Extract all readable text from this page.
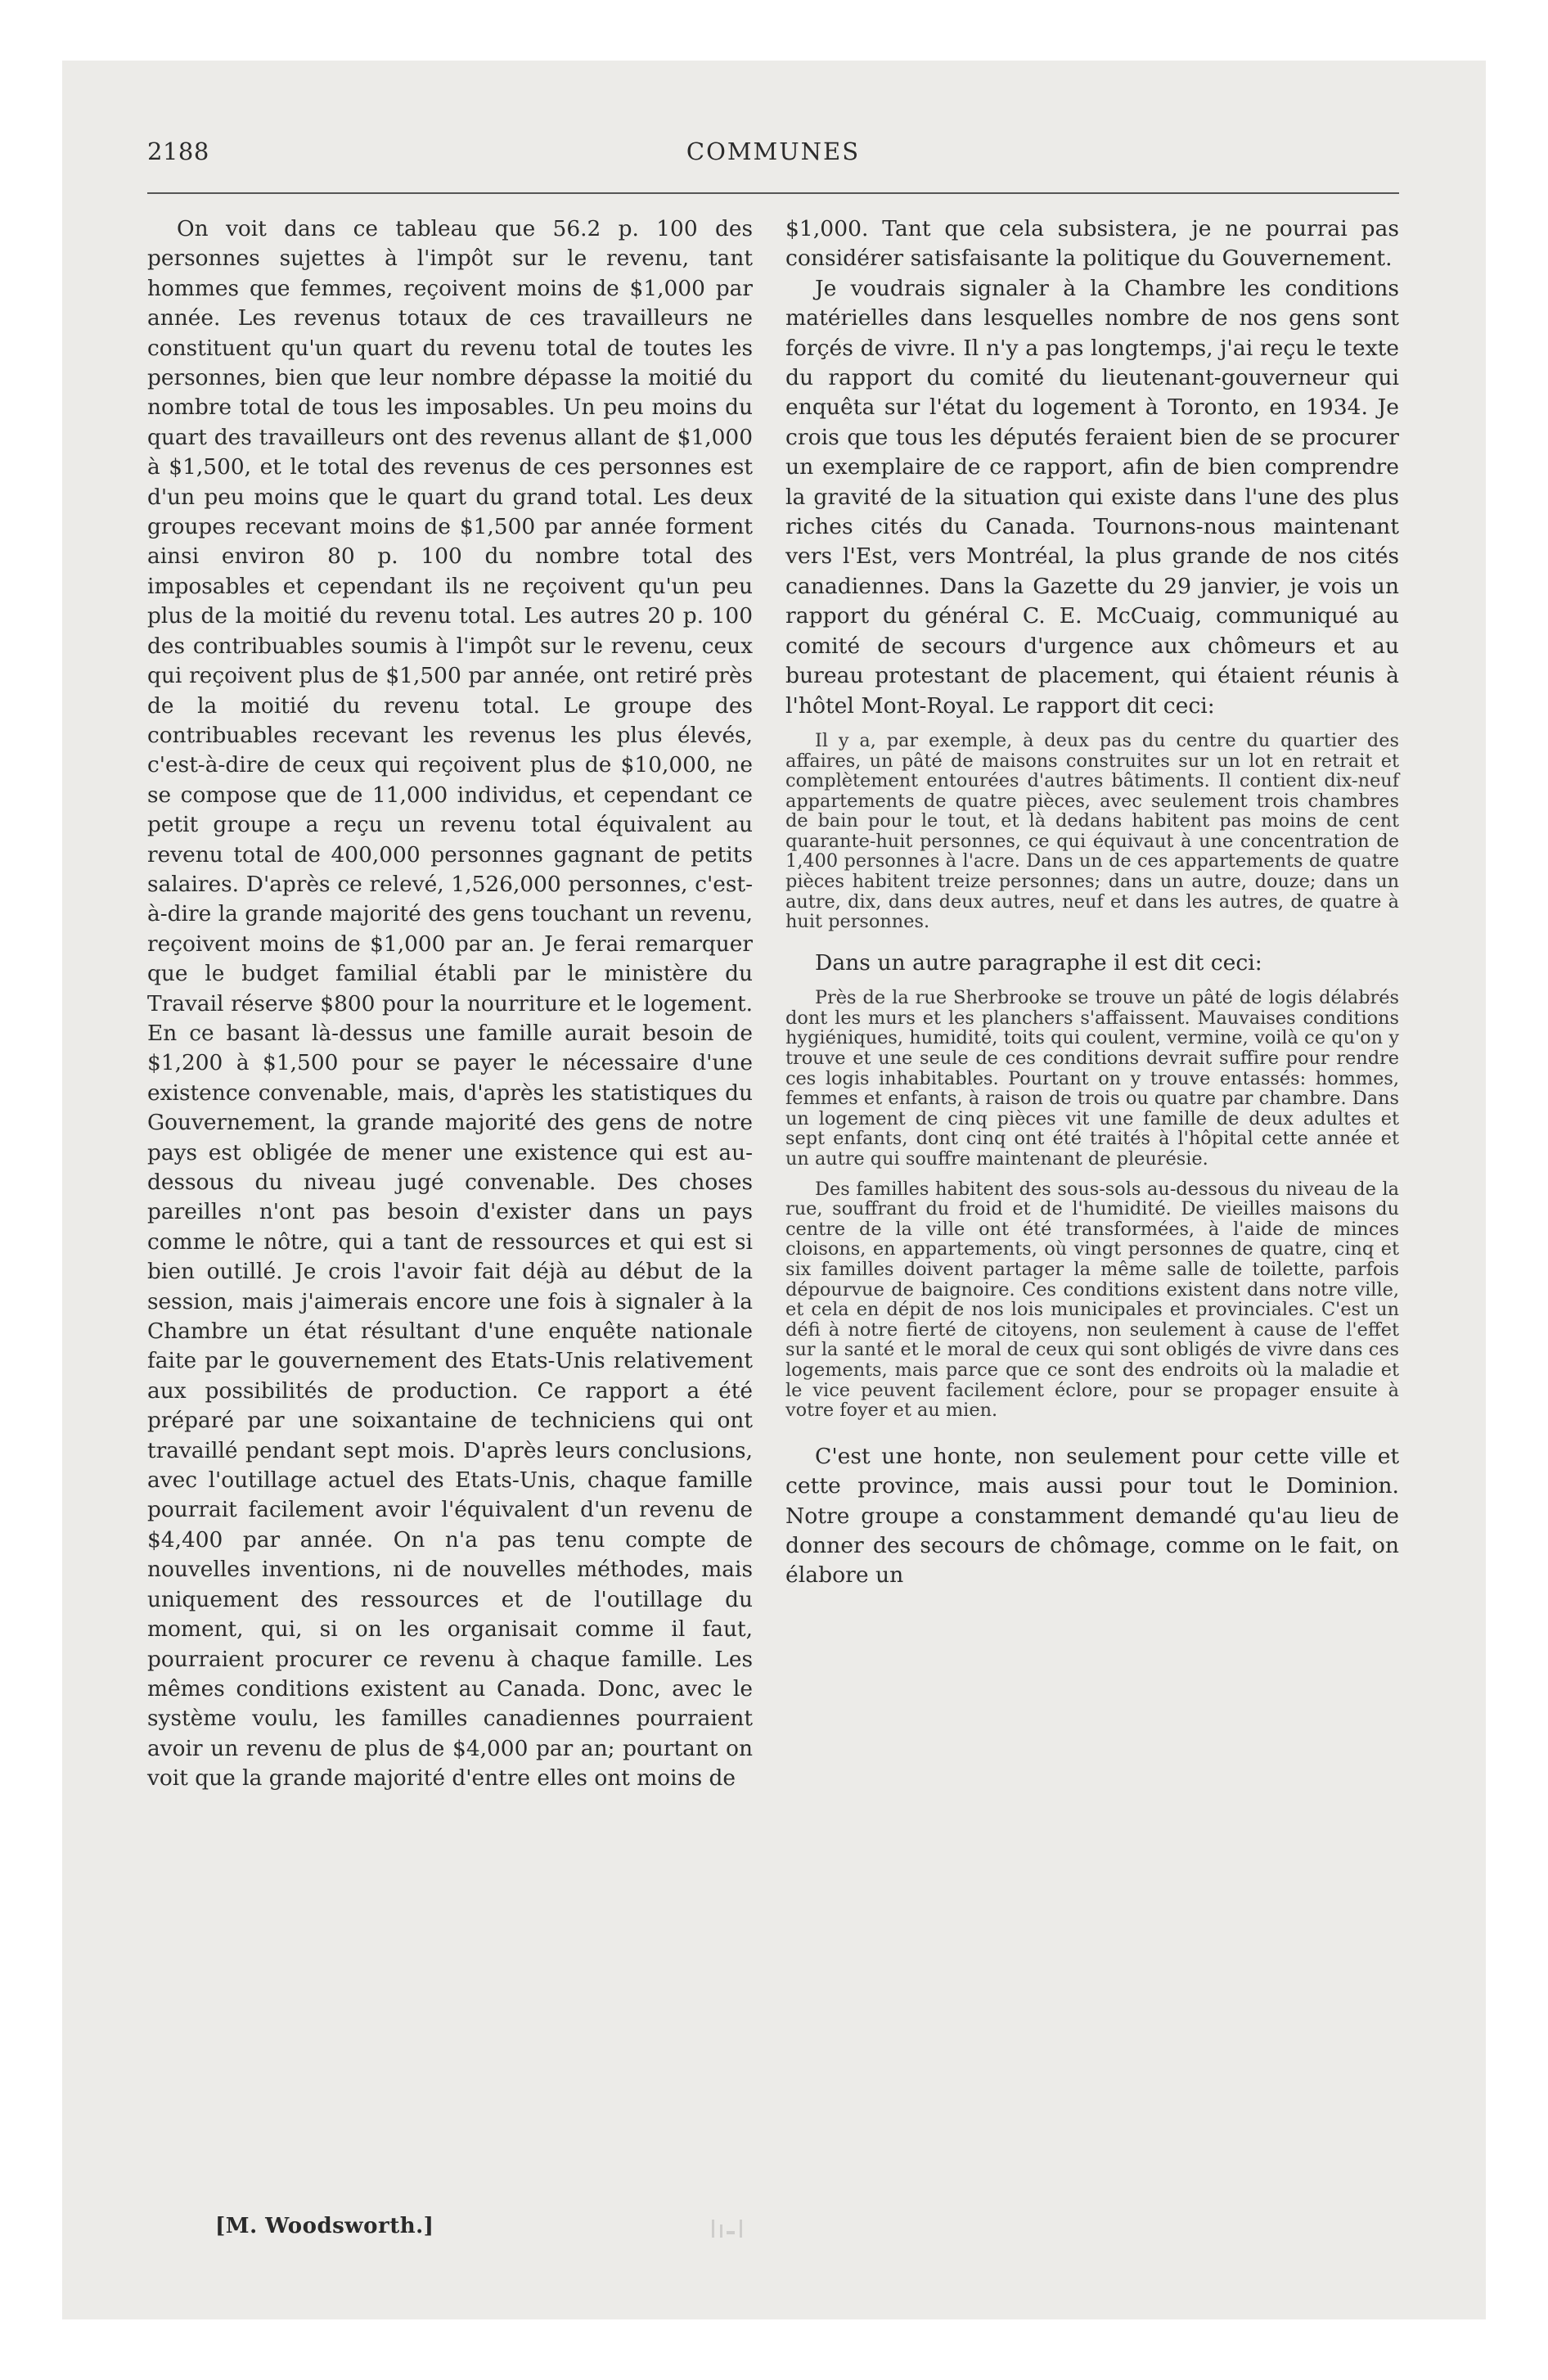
2188	COMMUNES

On voit dans ce tableau que 56.2 p. 100 des personnes sujettes à l'impôt sur le revenu, tant hommes que femmes, reçoivent moins de $1,000 par année. Les revenus totaux de ces travailleurs ne constituent qu'un quart du revenu total de toutes les personnes, bien que leur nombre dépasse la moitié du nombre total de tous les imposables. Un peu moins du quart des travailleurs ont des revenus allant de $1,000 à $1,500, et le total des revenus de ces personnes est d'un peu moins que le quart du grand total. Les deux groupes recevant moins de $1,500 par année forment ainsi environ 80 p. 100 du nombre total des imposables et cependant ils ne reçoivent qu'un peu plus de la moitié du revenu total. Les autres 20 p. 100 des contribuables soumis à l'impôt sur le revenu, ceux qui reçoivent plus de $1,500 par année, ont retiré près de la moitié du revenu total. Le groupe des contribuables recevant les revenus les plus élevés, c'est-à-dire de ceux qui reçoivent plus de $10,000, ne se compose que de 11,000 individus, et cependant ce petit groupe a reçu un revenu total équivalent au revenu total de 400,000 personnes gagnant de petits salaires. D'après ce relevé, 1,526,000 personnes, c'est-à-dire la grande majorité des gens touchant un revenu, reçoivent moins de $1,000 par an. Je ferai remarquer que le budget familial établi par le ministère du Travail réserve $800 pour la nourriture et le logement. En ce basant là-dessus une famille aurait besoin de $1,200 à $1,500 pour se payer le nécessaire d'une existence convenable, mais, d'après les statistiques du Gouvernement, la grande majorité des gens de notre pays est obligée de mener une existence qui est au-dessous du niveau jugé convenable. Des choses pareilles n'ont pas besoin d'exister dans un pays comme le nôtre, qui a tant de ressources et qui est si bien outillé. Je crois l'avoir fait déjà au début de la session, mais j'aimerais encore une fois à signaler à la Chambre un état résultant d'une enquête nationale faite par le gouvernement des Etats-Unis relativement aux possibilités de production. Ce rapport a été préparé par une soixantaine de techniciens qui ont travaillé pendant sept mois. D'après leurs conclusions, avec l'outillage actuel des Etats-Unis, chaque famille pourrait facilement avoir l'équivalent d'un revenu de $4,400 par année. On n'a pas tenu compte de nouvelles inventions, ni de nouvelles méthodes, mais uniquement des ressources et de l'outillage du moment, qui, si on les organisait comme il faut, pourraient procurer ce revenu à chaque famille. Les mêmes conditions existent au Canada. Donc, avec le système voulu, les familles canadiennes pourraient avoir un revenu de plus de $4,000 par an; pourtant on voit que la grande majorité d'entre elles ont moins de

$1,000. Tant que cela subsistera, je ne pourrai pas considérer satisfaisante la politique du Gouvernement.

Je voudrais signaler à la Chambre les conditions matérielles dans lesquelles nombre de nos gens sont forçés de vivre. Il n'y a pas longtemps, j'ai reçu le texte du rapport du comité du lieutenant-gouverneur qui enquêta sur l'état du logement à Toronto, en 1934. Je crois que tous les députés feraient bien de se procurer un exemplaire de ce rapport, afin de bien comprendre la gravité de la situation qui existe dans l'une des plus riches cités du Canada. Tournons-nous maintenant vers l'Est, vers Montréal, la plus grande de nos cités canadiennes. Dans la Gazette du 29 janvier, je vois un rapport du général C. E. McCuaig, communiqué au comité de secours d'urgence aux chômeurs et au bureau protestant de placement, qui étaient réunis à l'hôtel Mont-Royal. Le rapport dit ceci:

Il y a, par exemple, à deux pas du centre du quartier des affaires, un pâté de maisons construites sur un lot en retrait et complètement entourées d'autres bâtiments. Il contient dix-neuf appartements de quatre pièces, avec seulement trois chambres de bain pour le tout, et là dedans habitent pas moins de cent quarante-huit personnes, ce qui équivaut à une concentration de 1,400 personnes à l'acre. Dans un de ces appartements de quatre pièces habitent treize personnes; dans un autre, douze; dans un autre, dix, dans deux autres, neuf et dans les autres, de quatre à huit personnes.

Dans un autre paragraphe il est dit ceci:

Près de la rue Sherbrooke se trouve un pâté de logis délabrés dont les murs et les planchers s'affaissent. Mauvaises conditions hygiéniques, humidité, toits qui coulent, vermine, voilà ce qu'on y trouve et une seule de ces conditions devrait suffire pour rendre ces logis inhabitables. Pourtant on y trouve entassés: hommes, femmes et enfants, à raison de trois ou quatre par chambre. Dans un logement de cinq pièces vit une famille de deux adultes et sept enfants, dont cinq ont été traités à l'hôpital cette année et un autre qui souffre maintenant de pleurésie.

Des familles habitent des sous-sols au-dessous du niveau de la rue, souffrant du froid et de l'humidité. De vieilles maisons du centre de la ville ont été transformées, à l'aide de minces cloisons, en appartements, où vingt personnes de quatre, cinq et six familles doivent partager la même salle de toilette, parfois dépourvue de baignoire. Ces conditions existent dans notre ville, et cela en dépit de nos lois municipales et provinciales. C'est un défi à notre fierté de citoyens, non seulement à cause de l'effet sur la santé et le moral de ceux qui sont obligés de vivre dans ces logements, mais parce que ce sont des endroits où la maladie et le vice peuvent facilement éclore, pour se propager ensuite à votre foyer et au mien.

C'est une honte, non seulement pour cette ville et cette province, mais aussi pour tout le Dominion. Notre groupe a constamment demandé qu'au lieu de donner des secours de chômage, comme on le fait, on élabore un

[M. Woodsworth.]
